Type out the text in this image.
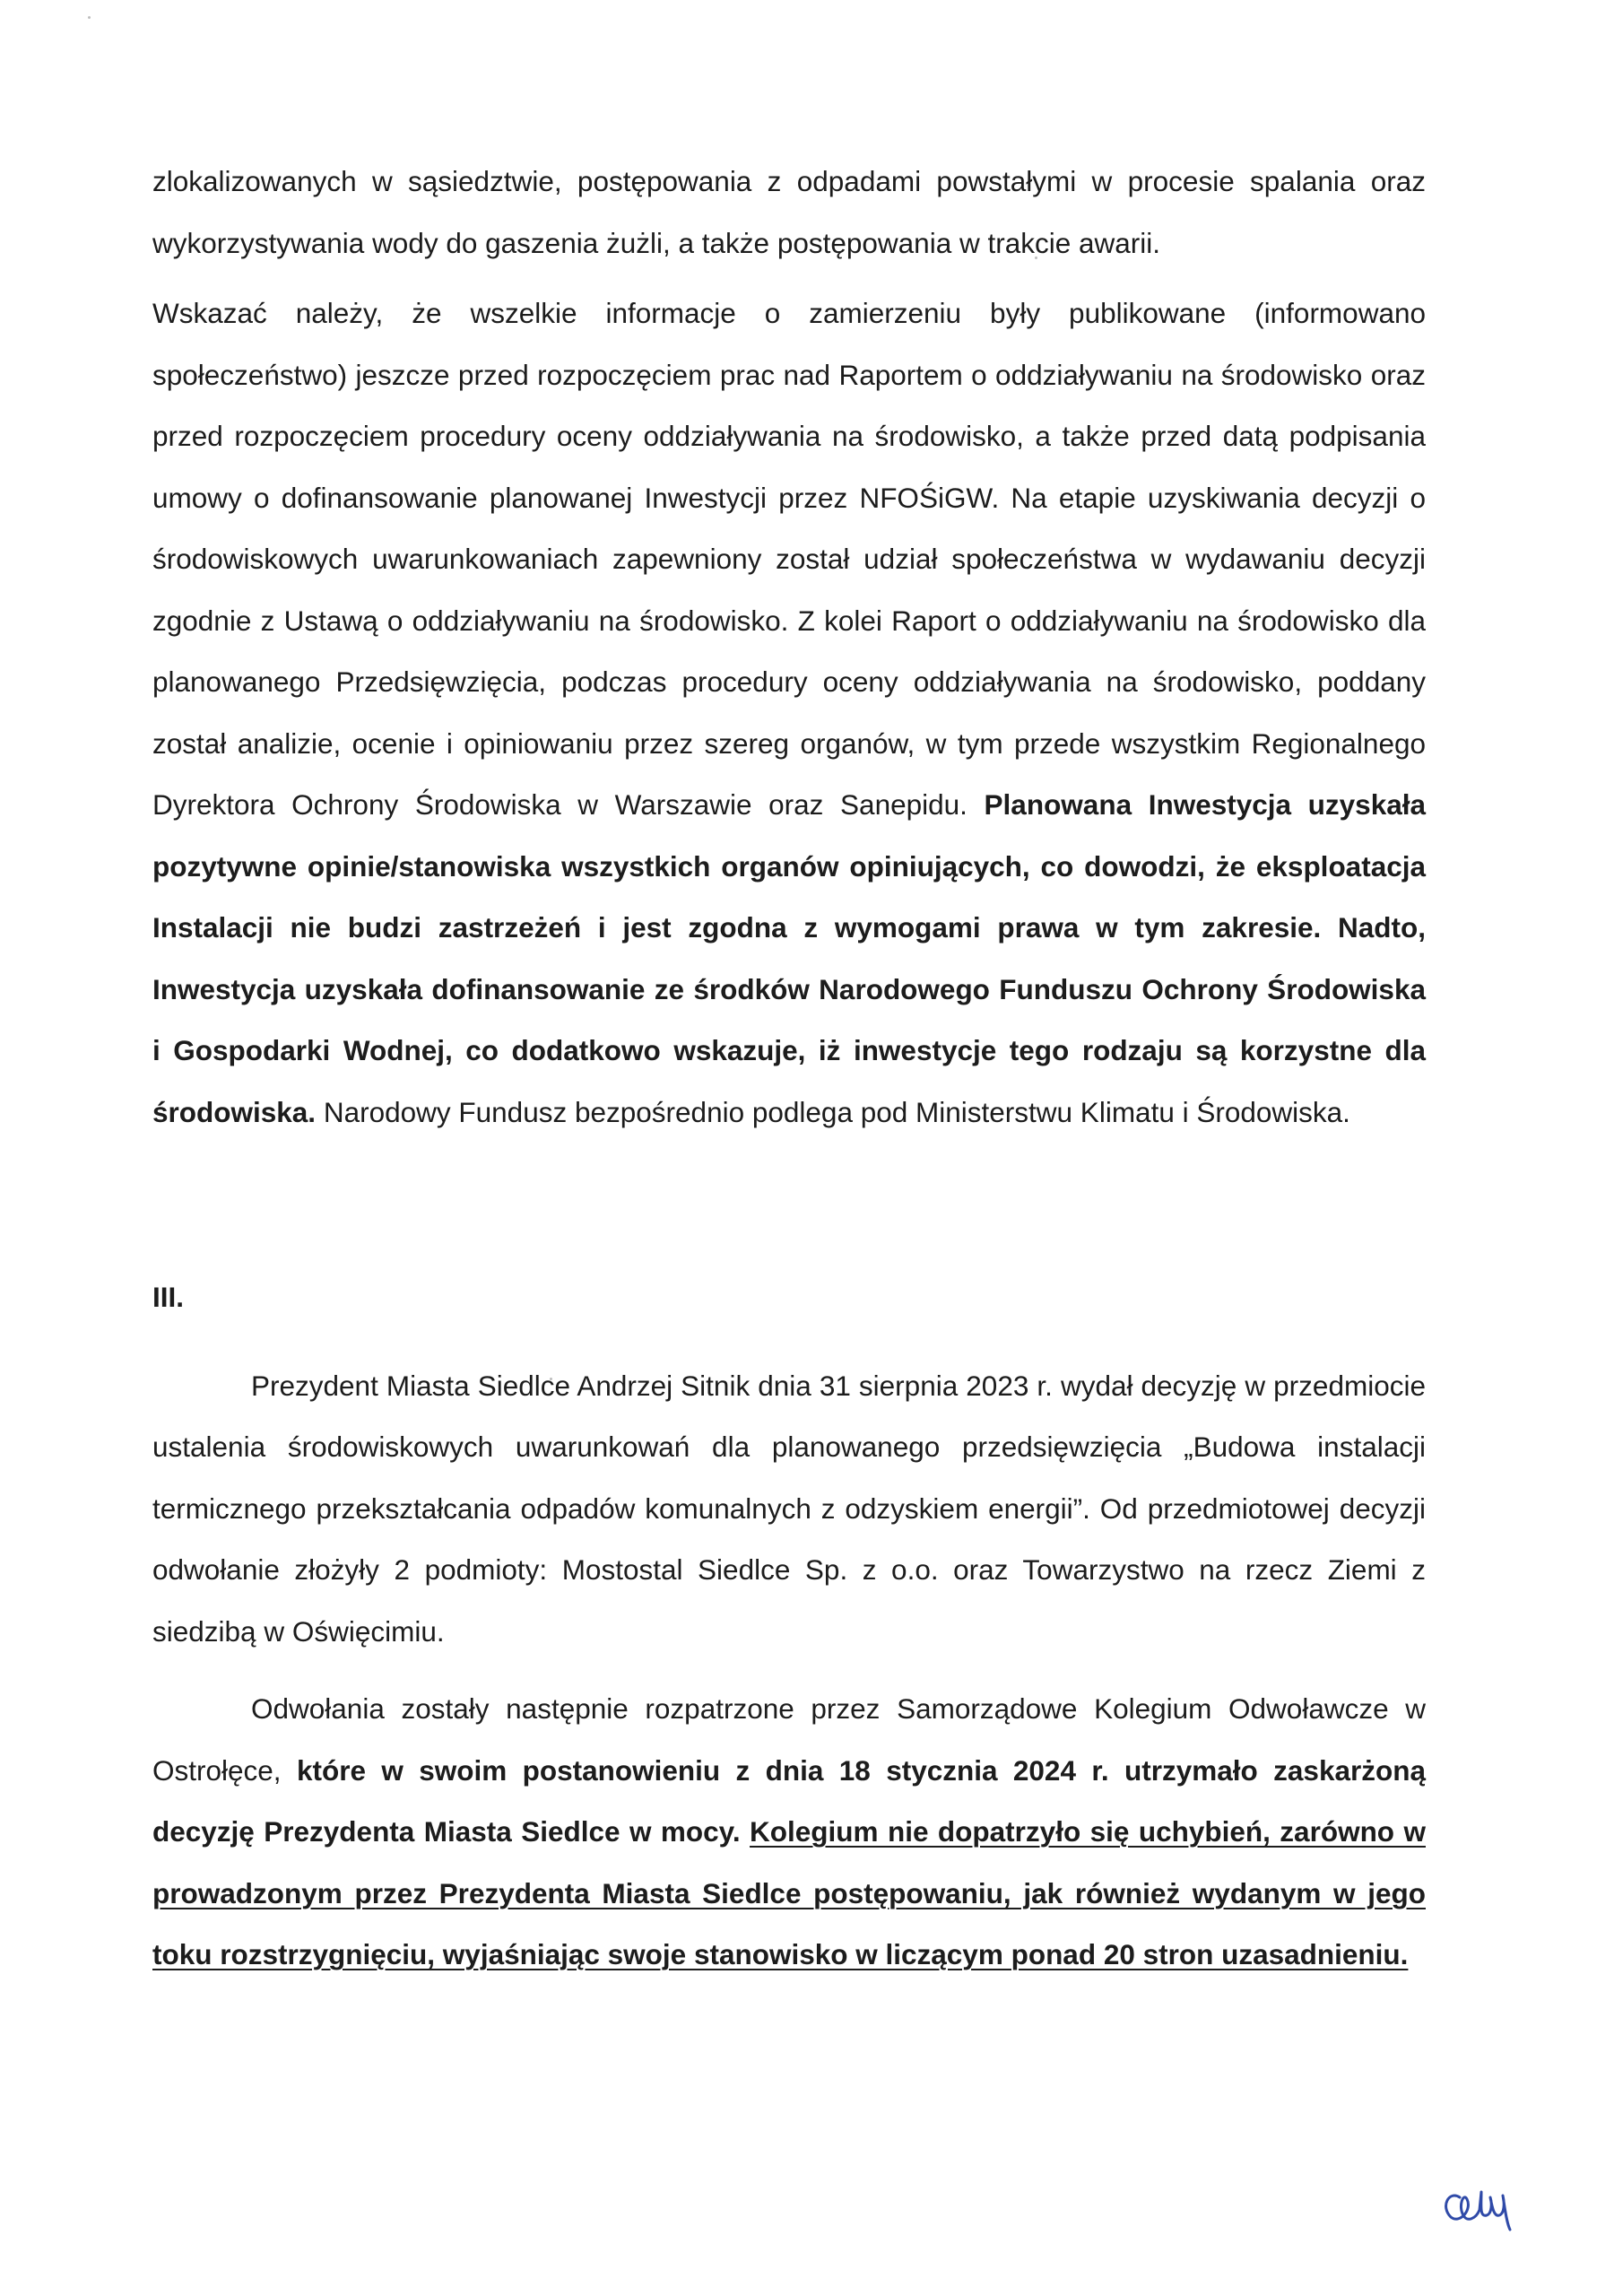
zlokalizowanych w sąsiedztwie, postępowania z odpadami powstałymi w procesie spalania oraz wykorzystywania wody do gaszenia żużli, a także postępowania w trakcie awarii.

Wskazać należy, że wszelkie informacje o zamierzeniu były publikowane (informowano społeczeństwo) jeszcze przed rozpoczęciem prac nad Raportem o oddziaływaniu na środowisko oraz przed rozpoczęciem procedury oceny oddziaływania na środowisko, a także przed datą podpisania umowy o dofinansowanie planowanej Inwestycji przez NFOŚiGW. Na etapie uzyskiwania decyzji o środowiskowych uwarunkowaniach zapewniony został udział społeczeństwa w wydawaniu decyzji zgodnie z Ustawą o oddziaływaniu na środowisko. Z kolei Raport o oddziaływaniu na środowisko dla planowanego Przedsięwzięcia, podczas procedury oceny oddziaływania na środowisko, poddany został analizie, ocenie i opiniowaniu przez szereg organów, w tym przede wszystkim Regionalnego Dyrektora Ochrony Środowiska w Warszawie oraz Sanepidu. Planowana Inwestycja uzyskała pozytywne opinie/stanowiska wszystkich organów opiniujących, co dowodzi, że eksploatacja Instalacji nie budzi zastrzeżeń i jest zgodna z wymogami prawa w tym zakresie. Nadto, Inwestycja uzyskała dofinansowanie ze środków Narodowego Funduszu Ochrony Środowiska i Gospodarki Wodnej, co dodatkowo wskazuje, iż inwestycje tego rodzaju są korzystne dla środowiska. Narodowy Fundusz bezpośrednio podlega pod Ministerstwu Klimatu i Środowiska.

III.

Prezydent Miasta Siedlce Andrzej Sitnik dnia 31 sierpnia 2023 r. wydał decyzję w przedmiocie ustalenia środowiskowych uwarunkowań dla planowanego przedsięwzięcia „Budowa instalacji termicznego przekształcania odpadów komunalnych z odzyskiem energii”. Od przedmiotowej decyzji odwołanie złożyły 2 podmioty: Mostostal Siedlce Sp. z o.o. oraz Towarzystwo na rzecz Ziemi z siedzibą w Oświęcimiu.

Odwołania zostały następnie rozpatrzone przez Samorządowe Kolegium Odwoławcze w Ostrołęce, które w swoim postanowieniu z dnia 18 stycznia 2024 r. utrzymało zaskarżoną decyzję Prezydenta Miasta Siedlce w mocy. Kolegium nie dopatrzyło się uchybień, zarówno w prowadzonym przez Prezydenta Miasta Siedlce postępowaniu, jak również wydanym w jego toku rozstrzygnięciu, wyjaśniając swoje stanowisko w liczącym ponad 20 stron uzasadnieniu.
